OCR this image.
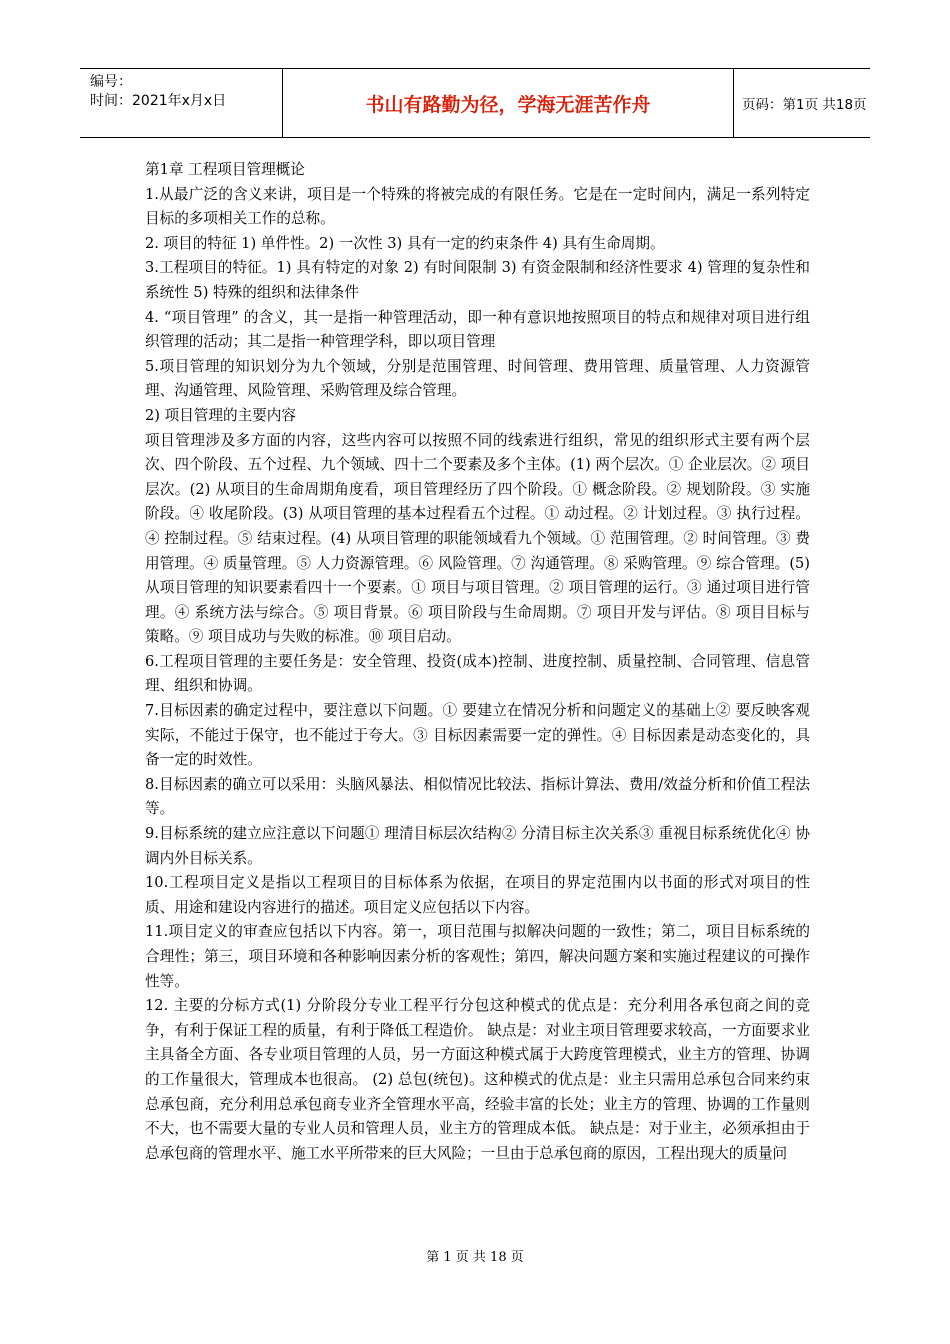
编号：
时间：2021年x月x日	书山有路勤为径，学海无涯苦作舟	页码：第1页 共18页

第1章 工程项目管理概论

1.从最广泛的含义来讲，项目是一个特殊的将被完成的有限任务。它是在一定时间内，满足一系列特定目标的多项相关工作的总称。

2. 项目的特征 1) 单件性。2) 一次性 3) 具有一定的约束条件 4) 具有生命周期。

3.工程项目的特征。1) 具有特定的对象 2) 有时间限制 3) 有资金限制和经济性要求 4) 管理的复杂性和系统性 5) 特殊的组织和法律条件

4. “项目管理” 的含义，其一是指一种管理活动，即一种有意识地按照项目的特点和规律对项目进行组织管理的活动；其二是指一种管理学科，即以项目管理

5.项目管理的知识划分为九个领域，分别是范围管理、时间管理、费用管理、质量管理、人力资源管理、沟通管理、风险管理、采购管理及综合管理。

2) 项目管理的主要内容

项目管理涉及多方面的内容，这些内容可以按照不同的线索进行组织，常见的组织形式主要有两个层次、四个阶段、五个过程、九个领域、四十二个要素及多个主体。(1) 两个层次。① 企业层次。② 项目层次。(2) 从项目的生命周期角度看，项目管理经历了四个阶段。① 概念阶段。② 规划阶段。③ 实施阶段。④ 收尾阶段。(3) 从项目管理的基本过程看五个过程。① 动过程。② 计划过程。③ 执行过程。④ 控制过程。⑤ 结束过程。(4) 从项目管理的职能领域看九个领域。① 范围管理。② 时间管理。③ 费用管理。④ 质量管理。⑤ 人力资源管理。⑥ 风险管理。⑦ 沟通管理。⑧ 采购管理。⑨ 综合管理。(5) 从项目管理的知识要素看四十一个要素。① 项目与项目管理。② 项目管理的运行。③ 通过项目进行管理。④ 系统方法与综合。⑤ 项目背景。⑥ 项目阶段与生命周期。⑦ 项目开发与评估。⑧ 项目目标与策略。⑨ 项目成功与失败的标准。⑩ 项目启动。

6.工程项目管理的主要任务是：安全管理、投资(成本)控制、进度控制、质量控制、合同管理、信息管理、组织和协调。

7.目标因素的确定过程中，要注意以下问题。① 要建立在情况分析和问题定义的基础上② 要反映客观实际，不能过于保守，也不能过于夸大。③ 目标因素需要一定的弹性。④ 目标因素是动态变化的，具备一定的时效性。

8.目标因素的确立可以采用：头脑风暴法、相似情况比较法、指标计算法、费用/效益分析和价值工程法等。

9.目标系统的建立应注意以下问题① 理清目标层次结构② 分清目标主次关系③ 重视目标系统优化④ 协调内外目标关系。

10.工程项目定义是指以工程项目的目标体系为依据，在项目的界定范围内以书面的形式对项目的性质、用途和建设内容进行的描述。项目定义应包括以下内容。

11.项目定义的审查应包括以下内容。第一，项目范围与拟解决问题的一致性；第二，项目目标系统的合理性；第三，项目环境和各种影响因素分析的客观性；第四，解决问题方案和实施过程建议的可操作性等。

12. 主要的分标方式(1) 分阶段分专业工程平行分包这种模式的优点是：充分利用各承包商之间的竞争，有利于保证工程的质量，有利于降低工程造价。 缺点是：对业主项目管理要求较高，一方面要求业主具备全方面、各专业项目管理的人员，另一方面这种模式属于大跨度管理模式，业主方的管理、协调的工作量很大，管理成本也很高。 (2) 总包(统包)。这种模式的优点是：业主只需用总承包合同来约束总承包商，充分利用总承包商专业齐全管理水平高，经验丰富的长处；业主方的管理、协调的工作量则不大，也不需要大量的专业人员和管理人员，业主方的管理成本低。 缺点是：对于业主，必须承担由于总承包商的管理水平、施工水平所带来的巨大风险；一旦由于总承包商的原因，工程出现大的质量问

第 1 页 共 18 页
